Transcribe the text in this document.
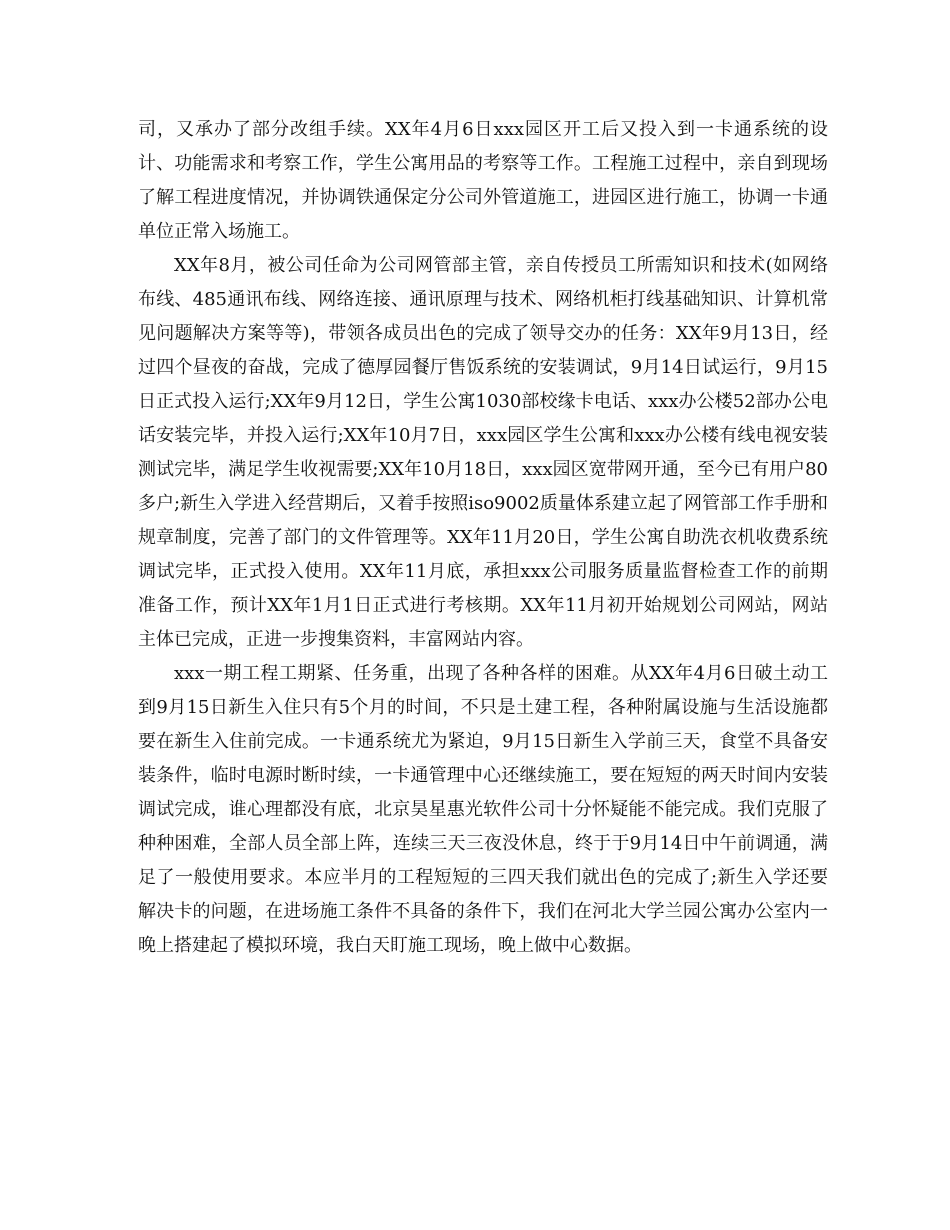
司，又承办了部分改组手续。XX年4月6日xxx园区开工后又投入到一卡通系统的设计、功能需求和考察工作，学生公寓用品的考察等工作。工程施工过程中，亲自到现场了解工程进度情况，并协调铁通保定分公司外管道施工，进园区进行施工，协调一卡通单位正常入场施工。

XX年8月，被公司任命为公司网管部主管，亲自传授员工所需知识和技术(如网络布线、485通讯布线、网络连接、通讯原理与技术、网络机柜打线基础知识、计算机常见问题解决方案等等)，带领各成员出色的完成了领导交办的任务：XX年9月13日，经过四个昼夜的奋战，完成了德厚园餐厅售饭系统的安装调试，9月14日试运行，9月15日正式投入运行;XX年9月12日，学生公寓1030部校缘卡电话、xxx办公楼52部办公电话安装完毕，并投入运行;XX年10月7日，xxx园区学生公寓和xxx办公楼有线电视安装测试完毕，满足学生收视需要;XX年10月18日，xxx园区宽带网开通，至今已有用户80多户;新生入学进入经营期后，又着手按照iso9002质量体系建立起了网管部工作手册和规章制度，完善了部门的文件管理等。XX年11月20日，学生公寓自助洗衣机收费系统调试完毕，正式投入使用。XX年11月底，承担xxx公司服务质量监督检查工作的前期准备工作，预计XX年1月1日正式进行考核期。XX年11月初开始规划公司网站，网站主体已完成，正进一步搜集资料，丰富网站内容。

xxx一期工程工期紧、任务重，出现了各种各样的困难。从XX年4月6日破土动工到9月15日新生入住只有5个月的时间，不只是土建工程，各种附属设施与生活设施都要在新生入住前完成。一卡通系统尤为紧迫，9月15日新生入学前三天，食堂不具备安装条件，临时电源时断时续，一卡通管理中心还继续施工，要在短短的两天时间内安装调试完成，谁心理都没有底，北京昊星惠光软件公司十分怀疑能不能完成。我们克服了种种困难，全部人员全部上阵，连续三天三夜没休息，终于于9月14日中午前调通，满足了一般使用要求。本应半月的工程短短的三四天我们就出色的完成了;新生入学还要解决卡的问题，在进场施工条件不具备的条件下，我们在河北大学兰园公寓办公室内一晚上搭建起了模拟环境，我白天盯施工现场，晚上做中心数据。
